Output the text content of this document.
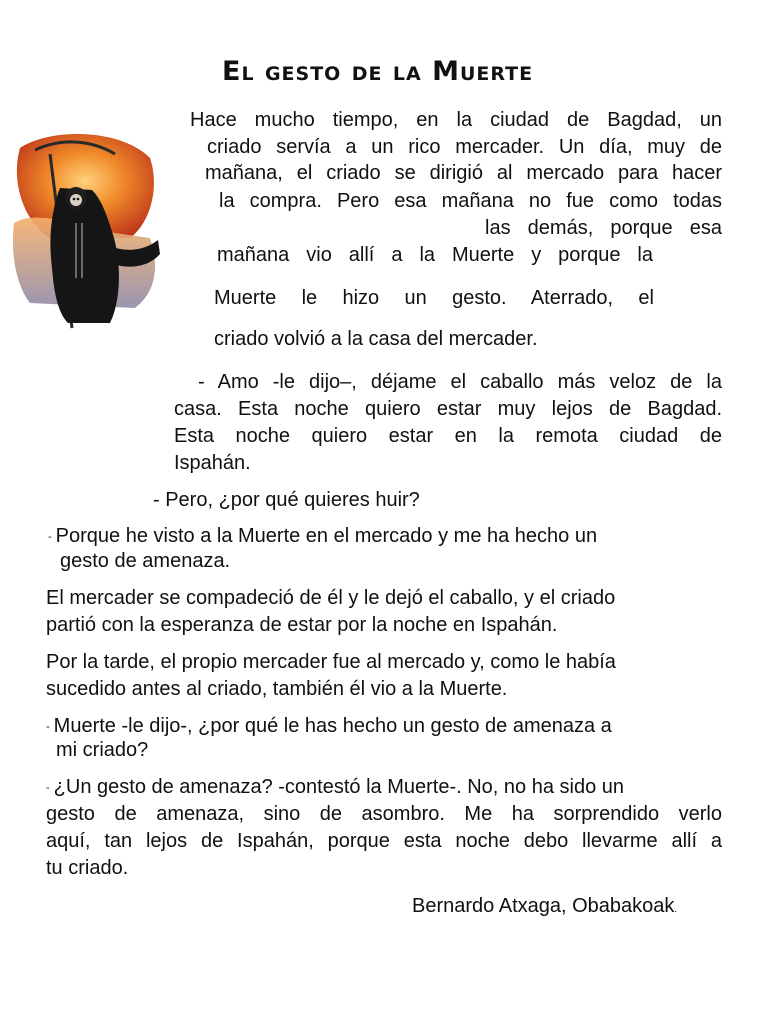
El gesto de la Muerte
Hace mucho tiempo, en la ciudad de Bagdad, un
criado servía a un rico mercader. Un día, muy de
mañana, el criado se dirigió al mercado para hacer
la compra. Pero esa mañana no fue como todas
las demás, porque esa
mañana vio allí a la Muerte y porque la
Muerte le hizo un gesto. Aterrado, el
criado volvió a la casa del mercader.
- Amo -le dijo–, déjame el caballo más veloz de la
casa. Esta noche quiero estar muy lejos de Bagdad.
Esta noche quiero estar en la remota ciudad de
Ispahán.
- Pero, ¿por qué quieres huir?
- Porque he visto a la Muerte en el mercado y me ha hecho un
gesto de amenaza.
El mercader se compadeció de él y le dejó el caballo, y el criado
partió con la esperanza de estar por la noche en Ispahán.
Por la tarde, el propio mercader fue al mercado y, como le había
sucedido antes al criado, también él vio a la Muerte.
- Muerte -le dijo-, ¿por qué le has hecho un gesto de amenaza a
mi criado?
- ¿Un gesto de amenaza? -contestó la Muerte-. No, no ha sido un
gesto de amenaza, sino de asombro. Me ha sorprendido verlo
aquí, tan lejos de Ispahán, porque esta noche debo llevarme allí a
tu criado.
Bernardo Atxaga, Obabakoak.
